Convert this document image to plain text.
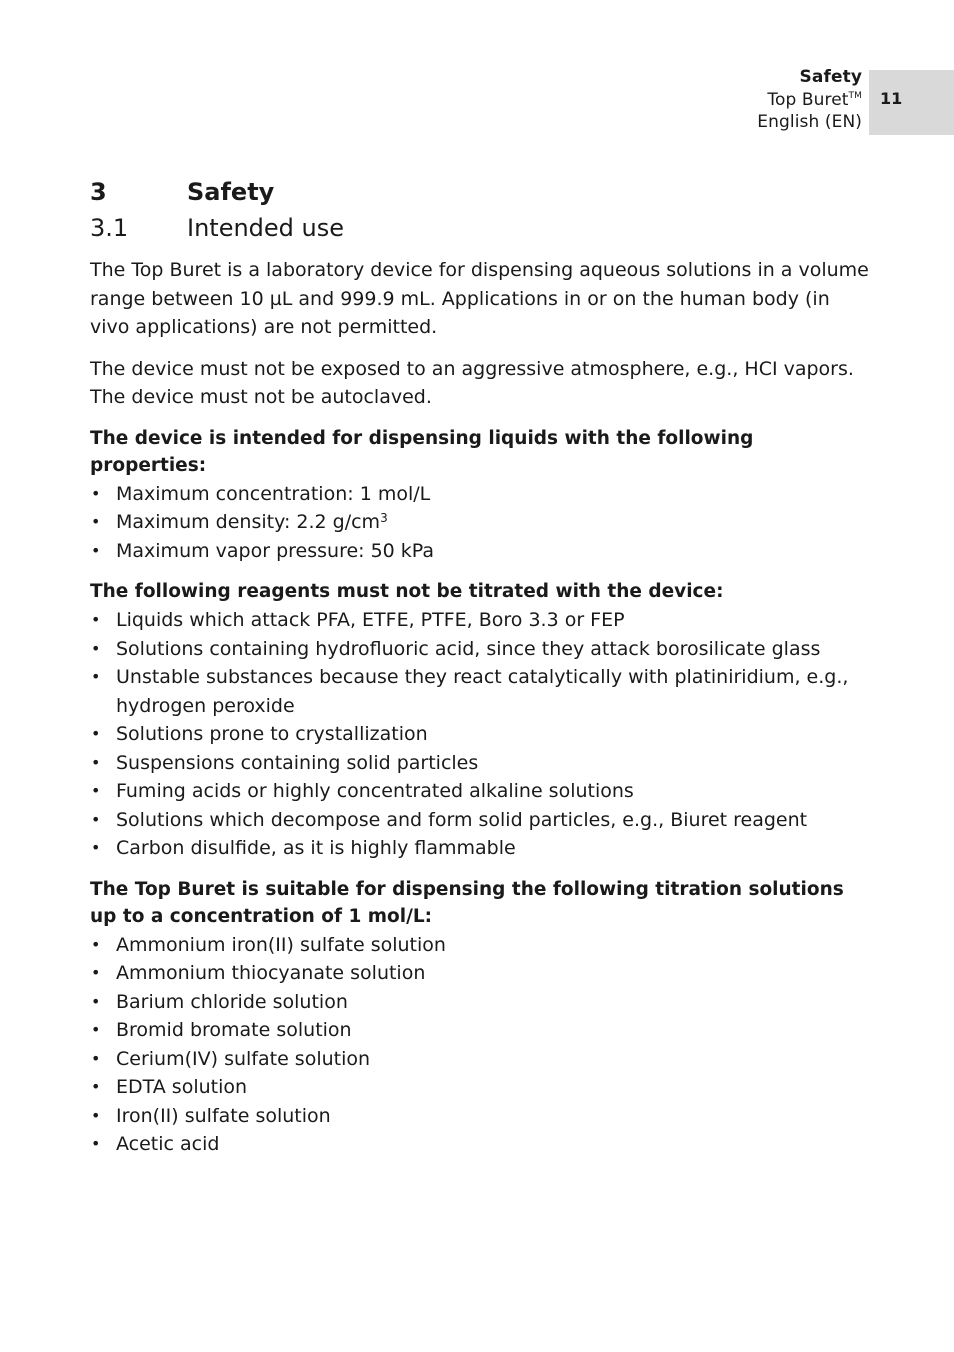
Safety
Top Buret™
English (EN)
11
3	Safety
3.1	Intended use

The Top Buret is a laboratory device for dispensing aqueous solutions in a volume range between 10 µL and 999.9 mL. Applications in or on the human body (in vivo applications) are not permitted.

The device must not be exposed to an aggressive atmosphere, e.g., HCI vapors. The device must not be autoclaved.

The device is intended for dispensing liquids with the following properties:
• Maximum concentration: 1 mol/L
• Maximum density: 2.2 $g/cm^3$
• Maximum vapor pressure: 50 kPa
The following reagents must not be titrated with the device:
• Liquids which attack PFA, ETFE, PTFE, Boro 3.3 or FEP
• Solutions containing hydrofluoric acid, since they attack borosilicate glass
• Unstable substances because they react catalytically with platiniridium, e.g., hydrogen peroxide
• Solutions prone to crystallization
• Suspensions containing solid particles
• Fuming acids or highly concentrated alkaline solutions
• Solutions which decompose and form solid particles, e.g., Biuret reagent
• Carbon disulfide, as it is highly flammable
The Top Buret is suitable for dispensing the following titration solutions up to a concentration of 1 mol/L:
• Ammonium iron(II) sulfate solution
• Ammonium thiocyanate solution
• Barium chloride solution
• Bromid bromate solution
• Cerium(IV) sulfate solution
• EDTA solution
• Iron(II) sulfate solution
• Acetic acid
